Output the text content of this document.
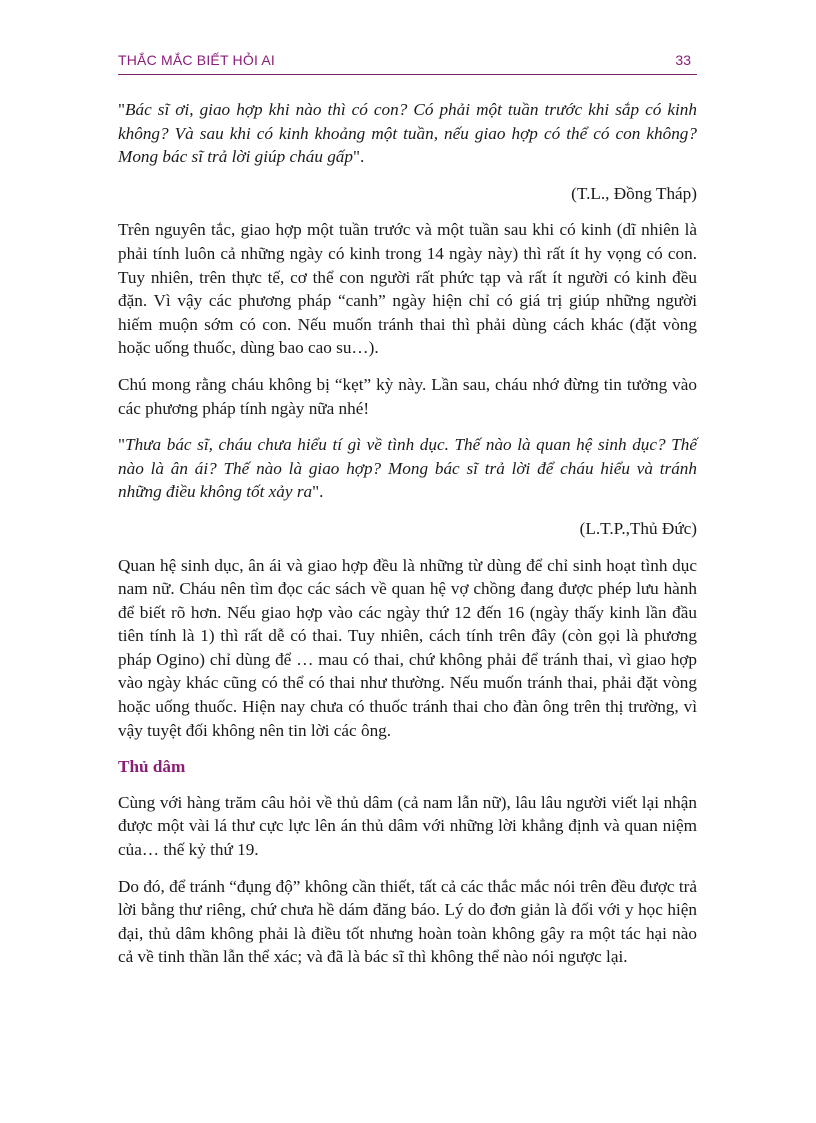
THẮC MẮC BIẾT HỎI AI	33

"Bác sĩ ơi, giao hợp khi nào thì có con? Có phải một tuần trước khi sắp có kinh không? Và sau khi có kinh khoảng một tuần, nếu giao hợp có thể có con không? Mong bác sĩ trả lời giúp cháu gấp".

(T.L., Đồng Tháp)

Trên nguyên tắc, giao hợp một tuần trước và một tuần sau khi có kinh (dĩ nhiên là phải tính luôn cả những ngày có kinh trong 14 ngày này) thì rất ít hy vọng có con. Tuy nhiên, trên thực tế, cơ thể con người rất phức tạp và rất ít người có kinh đều đặn. Vì vậy các phương pháp “canh” ngày hiện chỉ có giá trị giúp những người hiếm muộn sớm có con. Nếu muốn tránh thai thì phải dùng cách khác (đặt vòng hoặc uống thuốc, dùng bao cao su…).

Chú mong rằng cháu không bị “kẹt” kỳ này. Lần sau, cháu nhớ đừng tin tưởng vào các phương pháp tính ngày nữa nhé!

"Thưa bác sĩ, cháu chưa hiểu tí gì về tình dục. Thế nào là quan hệ sinh dục? Thế nào là ân ái? Thế nào là giao hợp? Mong bác sĩ trả lời để cháu hiểu và tránh những điều không tốt xảy ra".

(L.T.P.,Thủ Đức)

Quan hệ sinh dục, ân ái và giao hợp đều là những từ dùng để chỉ sinh hoạt tình dục nam nữ. Cháu nên tìm đọc các sách về quan hệ vợ chồng đang được phép lưu hành để biết rõ hơn. Nếu giao hợp vào các ngày thứ 12 đến 16 (ngày thấy kinh lần đầu tiên tính là 1) thì rất dễ có thai. Tuy nhiên, cách tính trên đây (còn gọi là phương pháp Ogino) chỉ dùng để … mau có thai, chứ không phải để tránh thai, vì giao hợp vào ngày khác cũng có thể có thai như thường. Nếu muốn tránh thai, phải đặt vòng hoặc uống thuốc. Hiện nay chưa có thuốc tránh thai cho đàn ông trên thị trường, vì vậy tuyệt đối không nên tin lời các ông.

Thủ dâm

Cùng với hàng trăm câu hỏi về thủ dâm (cả nam lẫn nữ), lâu lâu người viết lại nhận được một vài lá thư cực lực lên án thủ dâm với những lời khẳng định và quan niệm của… thế kỷ thứ 19.

Do đó, để tránh “đụng độ” không cần thiết, tất cả các thắc mắc nói trên đều được trả lời bằng thư riêng, chứ chưa hề dám đăng báo. Lý do đơn giản là đối với y học hiện đại, thủ dâm không phải là điều tốt nhưng hoàn toàn không gây ra một tác hại nào cả về tinh thần lẫn thể xác; và đã là bác sĩ thì không thể nào nói ngược lại.
